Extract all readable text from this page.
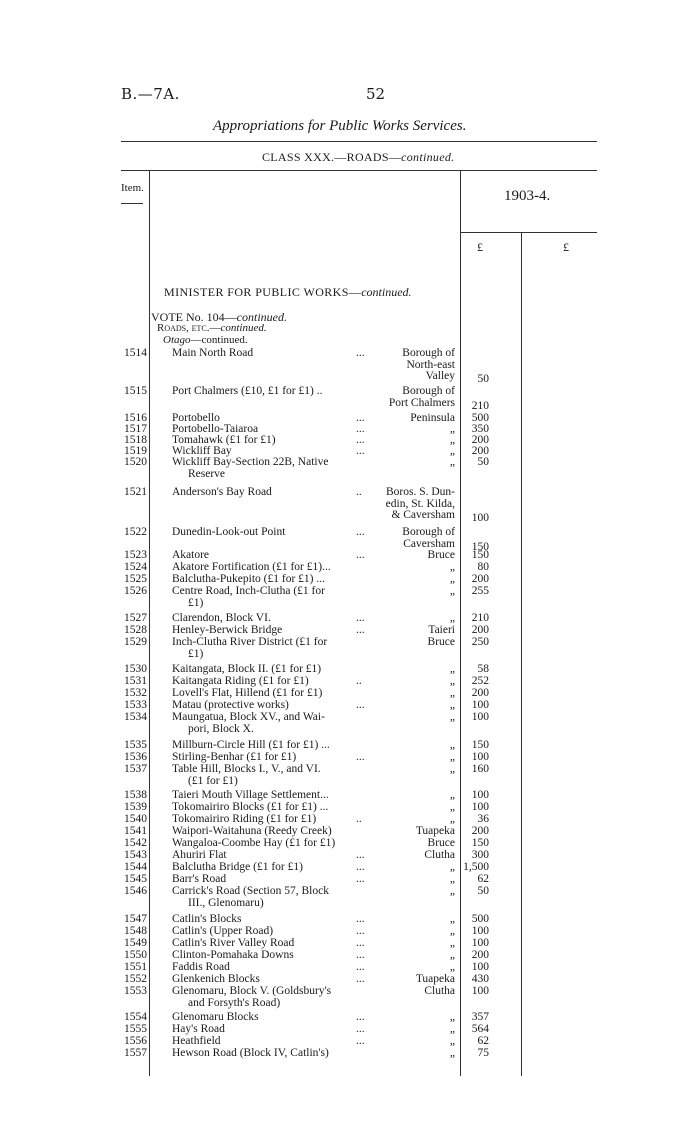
B.—7A.	52
Appropriations for Public Works Services.
CLASS XXX.—ROADS—continued.
Item.	1903-4.
£	£
MINISTER FOR PUBLIC WORKS—continued.
VOTE No. 104—continued.
Roads, etc.—continued.
Otago—continued.
1514 Main North Road	...	Borough of
North-east
Valley 50
1515 Port Chalmers (£10, £1 for £1) ..	Borough of
Port Chalmers 210
1516 Portobello	...	Peninsula 500
1517 Portobello-Taiaroa	...	„ 350
1518 Tomahawk (£1 for £1)	...	„ 200
1519 Wickliff Bay	...	„ 200
1520 Wickliff Bay-Section 22B, Native
Reserve
„ 50
1521 Anderson's Bay Road	..	Boros. S. Dun-
edin, St. Kilda,
& Caversham 100
1522 Dunedin-Look-out Point	...	Borough of
Caversham 150
1523 Akatore	...	Bruce 150
1524 Akatore Fortification (£1 for £1)...	„ 80
1525 Balclutha-Pukepito (£1 for £1) ...	„ 200
1526 Centre Road, Inch-Clutha (£1 for
£1)
„ 255
1527 Clarendon, Block VI.	...	„ 210
1528 Henley-Berwick Bridge	...	Taieri 200
1529 Inch-Clutha River District (£1 for
£1)
Bruce 250
1530 Kaitangata, Block II. (£1 for £1)	„ 58
1531 Kaitangata Riding (£1 for £1)	..	„ 252
1532 Lovell's Flat, Hillend (£1 for £1)	„ 200
1533 Matau (protective works)	...	„ 100
1534 Maungatua, Block XV., and Wai-
pori, Block X.
„ 100
1535 Millburn-Circle Hill (£1 for £1) ...	„ 150
1536 Stirling-Benhar (£1 for £1)	...	„ 100
1537 Table Hill, Blocks I., V., and VI.
(£1 for £1)
„ 160
1538 Taieri Mouth Village Settlement...	„ 100
1539 Tokomairiro Blocks (£1 for £1) ...	„ 100
1540 Tokomairiro Riding (£1 for £1)	..	„ 36
1541 Waipori-Waitahuna (Reedy Creek)	Tuapeka 200
1542 Wangaloa-Coombe Hay (£1 for £1)	Bruce 150
1543 Ahuriri Flat	...	Clutha 300
1544 Balclutha Bridge (£1 for £1)	...	„ 1,500
1545 Barr's Road	...	„ 62
1546 Carrick's Road (Section 57, Block
III., Glenomaru)
„ 50
1547 Catlin's Blocks	...	„ 500
1548 Catlin's (Upper Road)	...	„ 100
1549 Catlin's River Valley Road	...	„ 100
1550 Clinton-Pomahaka Downs	...	„ 200
1551 Faddis Road	...	„ 100
1552 Glenkenich Blocks	...	Tuapeka 430
1553 Glenomaru, Block V. (Goldsbury's
and Forsyth's Road)
Clutha 100
1554 Glenomaru Blocks	...	„ 357
1555 Hay's Road	...	„ 564
1556 Heathfield	...	„ 62
1557 Hewson Road (Block IV, Catlin's)	„ 75
